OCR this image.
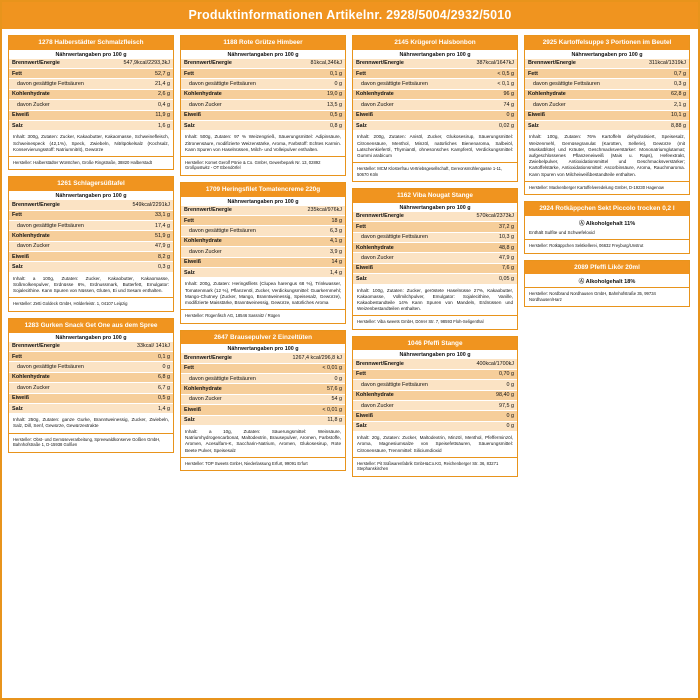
Produktinformationen Artikelnr. 2928/5004/2932/5010
1278 Halberstädter Schmalzfleisch
Nährwertangaben pro 100 g
Brennwert/Energie	547,9kcal/2293,3kJ
Fett	52,7 g
davon gesättigte Fettsäuren	21,4 g
Kohlenhydrate	2,6 g
davon Zucker	0,4 g
Eiweiß	11,9 g
Salz	1,6 g
Inhalt: 300g, Zutaten: Zucker, Kakaobutter, Kakaomasse, Schweinefleisch, Schweinespeck (42,1%), Speck, Zwiebeln, Nitritpökelsalz (Kochsalz, Konservierungsstoff: Natriumnitrit), Gewürze
Hersteller: Halberstädter Würstchen, Große Ringstraße, 38820 Halberstadt
1261 Schlagersüßtafel
Nährwertangaben pro 100 g
Brennwert/Energie	549kcal/2291kJ
Fett	33,1 g
davon gesättigte Fettsäuren	17,4 g
Kohlenhydrate	51,9 g
davon Zucker	47,9 g
Eiweiß	8,2 g
Salz	0,3 g
Inhalt: a 100g, Zutaten: Zucker, Kakaobutter, Kakaomasse, Süßmolkenpulver, Erdnüsse 6%, Erdnussmark, Butterfett, Emulgator: Sojalecithine. Kann Spuren von Nüssen, Gluten, Ei und Sesam enthalten.
Hersteller: Zetti Goldeck GmbH, Hölderleistr. 1, 04107 Leipzig
1283 Gurken Snack Get One aus dem Spree
Nährwertangaben pro 100 g
Brennwert/Energie	33kcal/ 141kJ
Fett	0,1 g
davon gesättigte Fettsäuren	0 g
Kohlenhydrate	6,8 g
davon Zucker	6,7 g
Eiweiß	0,5 g
Salz	1,4 g
Inhalt: 250g, Zutaten: ganze Gurke, Branntweinessig, Zucker, Zwiebeln, Salz, Dill, Senf, Gewürze, Gewürzextrakte
Hersteller: Obst- und Gemüseverarbeitung, Spreewaldkonserve Golßen GmbH, Bahnhofstraße 1, D-15938 Golßen
1188 Rote Grütze Himbeer
Nährwertangaben pro 100 g
Brennwert/Energie	81kcal,346kJ
Fett	0,1 g
davon gesättigte Fettsäuren	0 g
Kohlenhydrate	19,0 g
davon Zucker	13,5 g
Eiweiß	0,5 g
Salz	0,8 g
Inhalt: 500g, Zutaten: 97 % Weizengrieß, Säuerungsmittel: Adipinsäure, Zitronensäure, modifizierte Weizenstärke, Aroma, Farbstoff: Echtes Karmin. Kann Spuren von Haselnüssen, Milch- und Volleipulver enthalten.
Hersteller: Komet Gerolf Pönie & Co. GmbH, Gewerbepark Nr. 13, 02892 Großpostwitz - OT Ebendörfel
1709 Heringsfilet Tomatencreme 220g
Nährwertangaben pro 100 g
Brennwert/Energie	235kcal/976kJ
Fett	18 g
davon gesättigte Fettsäuren	6,3 g
Kohlenhydrate	4,1 g
davon Zucker	3,9 g
Eiweiß	14 g
Salz	1,4 g
Inhalt: 200g, Zutaten: Heringsfilets (Clupea harengus 68 %), Trinkwasser, Tomatenmark (12 %), Pflanzenöl, Zucker, Verdickungsmittel: Guarkernmehl; Mango-Chutney (Zucker, Mango, Branntweinessig, Speisesalz, Gewürze), modifizierte Maisstärke, Branntweinessig, Gewürze, natürliches Aroma
Hersteller: Rügenfisch AG, 18546 Sassnitz / Rügen
2647 Brausepulver 2 Einzeltüten
Nährwertangaben pro 100 g
Brennwert/Energie	1267,4 kcal/296,8 kJ
Fett	< 0,01 g
davon gesättigte Fettsäuren	0 g
Kohlenhydrate	57,6 g
davon Zucker	54 g
Eiweiß	< 0,01 g
Salz	11,8 g
Inhalt: a 10g, Zutaten: Säuerungsmittel: Weinsäure, Natriumhydrogencarbonat, Maltodextrin, Brausepulver, Aromen, Farbstoffe, Aromen, Acesulfam-K, Saccharin-Natrium, Aromen, Glukosesirup, Rote Beete Pulver, Speisesalz
Hersteller: TOP Sweets GmbH, Niederlassung Erfurt, 99091 Erfurt
2145 Krügerol Halsbonbon
Nährwertangaben pro 100 g
Brennwert/Energie	387kcal/1647kJ
Fett	< 0,5 g
davon gesättigte Fettsäuren	< 0,1 g
Kohlenhydrate	96 g
davon Zucker	74 g
Eiweiß	0 g
Salz	0,02 g
Inhalt: 200g, Zutaten: Anisöl, Zucker, Glukosesirup, Säuerungsmittel: Citronensäure, Menthol, Minzöl, natürliches Bienenaroma, Salbeiöl, Latschenkieferöl, Thymianöl, ohnesonsches Kampferöl, Verdickungsmittel: Gummi arabicum
Hersteller: MCM Klosterfrau Vertriebsgesellschaft, Gereonsmühlengasse 1-11, 50670 Köln
1162 Viba Nougat Stange
Nährwertangaben pro 100 g
Brennwert/Energie	570kcal/2373kJ
Fett	37,2 g
davon gesättigte Fettsäuren	10,3 g
Kohlenhydrate	48,8 g
davon Zucker	47,9 g
Eiweiß	7,6 g
Salz	0,05 g
Inhalt: 100g, Zutaten: Zucker, geröstete Haselnüsse 27%, Kakaobutter, Kakaomasse, Vollmilchpulver, Emulgator: Sojalecithine, Vanille, Kakaobestandteile 14% Kann Spuren von Mandeln, Erdnüssen und Weizenbestandteilen enthalten.
Hersteller: Viba sweets GmbH, Dörrer Str. 7, 98593 Floh-Seligenthal
1046 Pfeffi Stange
Nährwertangaben pro 100 g
Brennwert/Energie	400kcal/1700kJ
Fett	0,70 g
davon gesättigte Fettsäuren	0 g
Kohlenhydrate	98,40 g
davon Zucker	97,5 g
Eiweiß	0 g
Salz	0 g
Inhalt: 20g, Zutaten: Zucker, Maltodextrin, Minzöl, Menthol, Pfefferminzöl, Aroma, Magnesiumsalze von Speisefettsäuren, Säuerungsmittel: Citronensäure, Trennmittel: Siliciumdioxid
Hersteller: Pit Süßwarenfabrik GmbH&Co.KG, Reichenberger Str. 36, 83271 Stephanskirchen
2925 Kartoffelsuppe 3 Portionen im Beutel
Nährwertangaben pro 100 g
Brennwert/Energie	311kcal/1319kJ
Fett	0,7 g
davon gesättigte Fettsäuren	0,3 g
Kohlenhydrate	62,8 g
davon Zucker	2,1 g
Eiweiß	10,1 g
Salz	8,88 g
Inhalt: 100g, Zutaten: 76% Kartoffeln dehydratisiert, Speisesalz, Weizenmehl, Gemüsegranulat (Karotten, Sellerie), Gewürze (mit Muskatblüte) und Kräuter, Geschmacksverstärker: Mononatriumglutamat; aufgeschlossenes Pflanzeneiweiß (Mais u. Raps), Hefeextrakt, Zwiebelpulver, Antioxidationsmittel und Geschmacksverstärker; Kartoffelstärke, Antioxidationsmittel: Ascorbinsäure, Aroma, Rauchmaroma. Kann Spuren von Milcheiweißbestandteile enthalten.
Hersteller: Mackenberger Kartoffelveredelung GmbH, D-19230 Hagenow
2924 Rotkäppchen Sekt Piccolo trocken 0,2 l
Ⓐ Alkoholgehalt 11%
Enthält Sulfite und Schwefeloxid
Hersteller: Rotkäppchen Sektkellerei, 06632 Freyburg/Unstrut
2089 Pfeffi Likör 20ml
Ⓐ Alkoholgehalt 18%
Hersteller: Nordbrand Nordhausen GmbH, Bahnhofstraße 35, 99734 Nordhausen/Harz
